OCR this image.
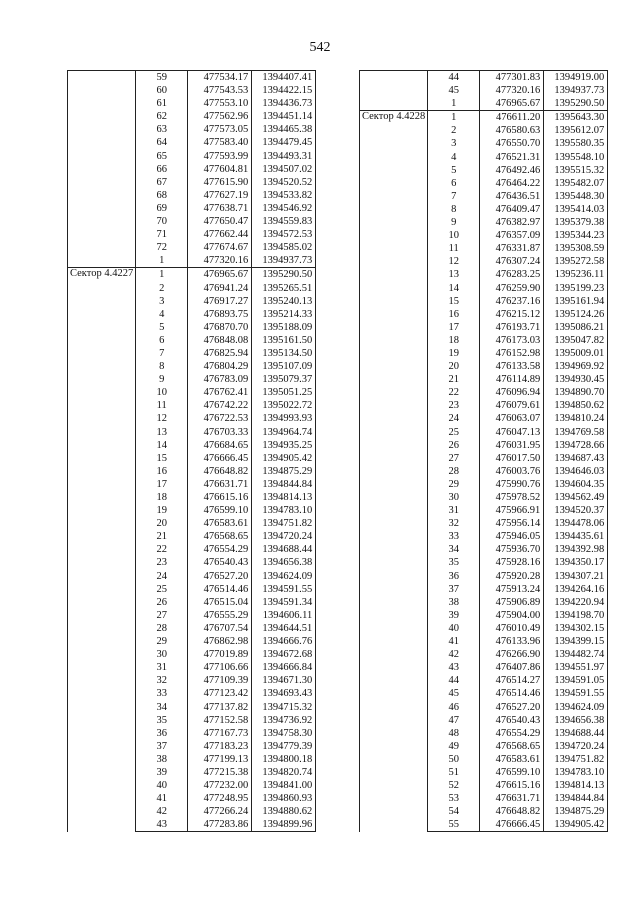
542
	59	477534.17	1394407.41
	60	477543.53	1394422.15
	61	477553.10	1394436.73
	62	477562.96	1394451.14
	63	477573.05	1394465.38
	64	477583.40	1394479.45
	65	477593.99	1394493.31
	66	477604.81	1394507.02
	67	477615.90	1394520.52
	68	477627.19	1394533.82
	69	477638.71	1394546.92
	70	477650.47	1394559.83
	71	477662.44	1394572.53
	72	477674.67	1394585.02
	1	477320.16	1394937.73
Сектор 4.4227	1	476965.67	1395290.50
	2	476941.24	1395265.51
	3	476917.27	1395240.13
	4	476893.75	1395214.33
	5	476870.70	1395188.09
	6	476848.08	1395161.50
	7	476825.94	1395134.50
	8	476804.29	1395107.09
	9	476783.09	1395079.37
	10	476762.41	1395051.25
	11	476742.22	1395022.72
	12	476722.53	1394993.93
	13	476703.33	1394964.74
	14	476684.65	1394935.25
	15	476666.45	1394905.42
	16	476648.82	1394875.29
	17	476631.71	1394844.84
	18	476615.16	1394814.13
	19	476599.10	1394783.10
	20	476583.61	1394751.82
	21	476568.65	1394720.24
	22	476554.29	1394688.44
	23	476540.43	1394656.38
	24	476527.20	1394624.09
	25	476514.46	1394591.55
	26	476515.04	1394591.34
	27	476555.29	1394606.11
	28	476707.54	1394644.51
	29	476862.98	1394666.76
	30	477019.89	1394672.68
	31	477106.66	1394666.84
	32	477109.39	1394671.30
	33	477123.42	1394693.43
	34	477137.82	1394715.32
	35	477152.58	1394736.92
	36	477167.73	1394758.30
	37	477183.23	1394779.39
	38	477199.13	1394800.18
	39	477215.38	1394820.74
	40	477232.00	1394841.00
	41	477248.95	1394860.93
	42	477266.24	1394880.62
	43	477283.86	1394899.96
	44	477301.83	1394919.00
	45	477320.16	1394937.73
	1	476965.67	1395290.50
Сектор 4.4228	1	476611.20	1395643.30
	2	476580.63	1395612.07
	3	476550.70	1395580.35
	4	476521.31	1395548.10
	5	476492.46	1395515.32
	6	476464.22	1395482.07
	7	476436.51	1395448.30
	8	476409.47	1395414.03
	9	476382.97	1395379.38
	10	476357.09	1395344.23
	11	476331.87	1395308.59
	12	476307.24	1395272.58
	13	476283.25	1395236.11
	14	476259.90	1395199.23
	15	476237.16	1395161.94
	16	476215.12	1395124.26
	17	476193.71	1395086.21
	18	476173.03	1395047.82
	19	476152.98	1395009.01
	20	476133.58	1394969.92
	21	476114.89	1394930.45
	22	476096.94	1394890.70
	23	476079.61	1394850.62
	24	476063.07	1394810.24
	25	476047.13	1394769.58
	26	476031.95	1394728.66
	27	476017.50	1394687.43
	28	476003.76	1394646.03
	29	475990.76	1394604.35
	30	475978.52	1394562.49
	31	475966.91	1394520.37
	32	475956.14	1394478.06
	33	475946.05	1394435.61
	34	475936.70	1394392.98
	35	475928.16	1394350.17
	36	475920.28	1394307.21
	37	475913.24	1394264.16
	38	475906.89	1394220.94
	39	475904.00	1394198.70
	40	476010.49	1394302.15
	41	476133.96	1394399.15
	42	476266.90	1394482.74
	43	476407.86	1394551.97
	44	476514.27	1394591.05
	45	476514.46	1394591.55
	46	476527.20	1394624.09
	47	476540.43	1394656.38
	48	476554.29	1394688.44
	49	476568.65	1394720.24
	50	476583.61	1394751.82
	51	476599.10	1394783.10
	52	476615.16	1394814.13
	53	476631.71	1394844.84
	54	476648.82	1394875.29
	55	476666.45	1394905.42
